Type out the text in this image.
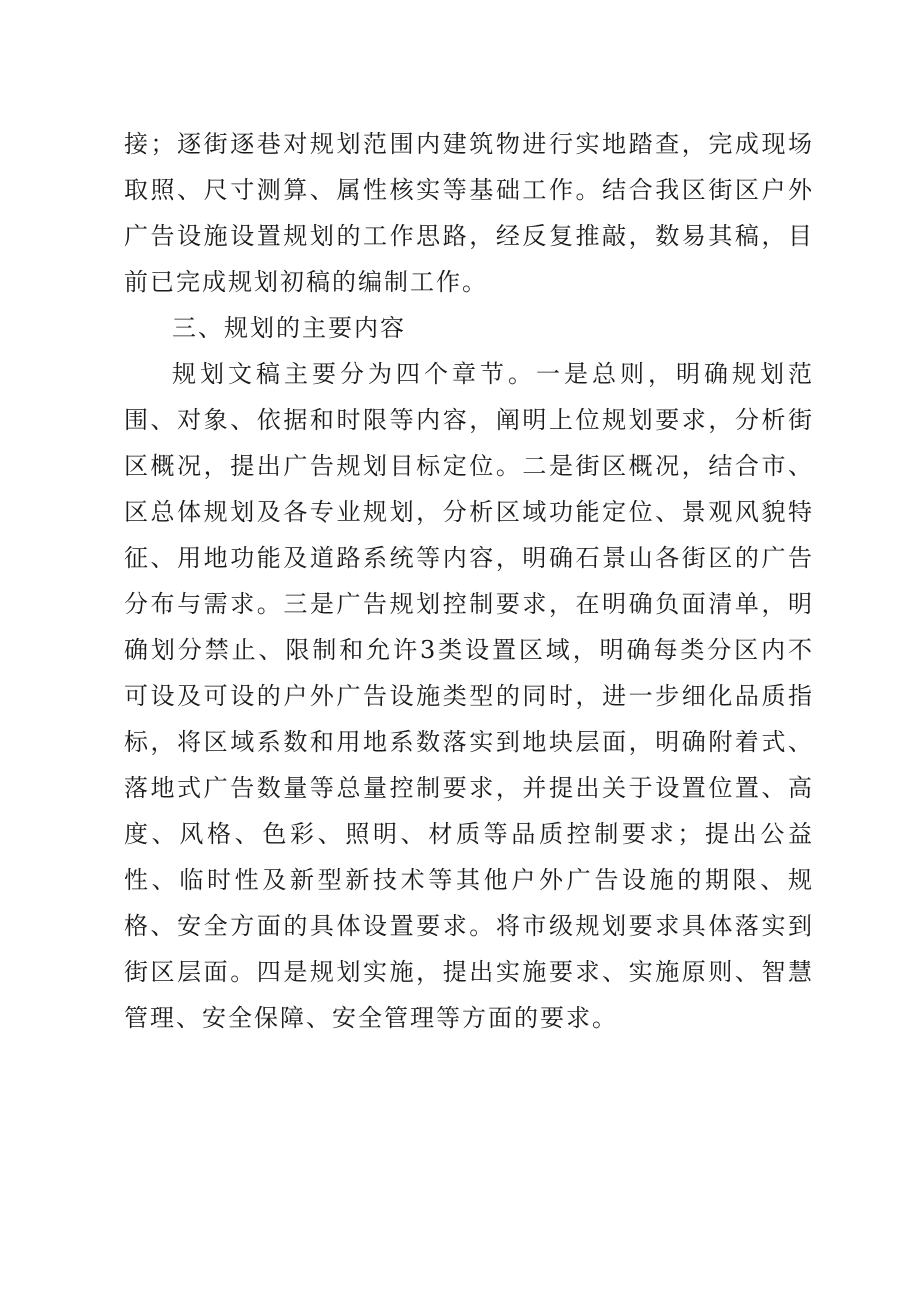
接；逐街逐巷对规划范围内建筑物进行实地踏查，完成现场取照、尺寸测算、属性核实等基础工作。结合我区街区户外广告设施设置规划的工作思路，经反复推敲，数易其稿，目前已完成规划初稿的编制工作。

三、规划的主要内容

规划文稿主要分为四个章节。一是总则，明确规划范围、对象、依据和时限等内容，阐明上位规划要求，分析街区概况，提出广告规划目标定位。二是街区概况，结合市、区总体规划及各专业规划，分析区域功能定位、景观风貌特征、用地功能及道路系统等内容，明确石景山各街区的广告分布与需求。三是广告规划控制要求，在明确负面清单，明确划分禁止、限制和允许3类设置区域，明确每类分区内不可设及可设的户外广告设施类型的同时，进一步细化品质指标，将区域系数和用地系数落实到地块层面，明确附着式、落地式广告数量等总量控制要求，并提出关于设置位置、高度、风格、色彩、照明、材质等品质控制要求；提出公益性、临时性及新型新技术等其他户外广告设施的期限、规格、安全方面的具体设置要求。将市级规划要求具体落实到街区层面。四是规划实施，提出实施要求、实施原则、智慧管理、安全保障、安全管理等方面的要求。
